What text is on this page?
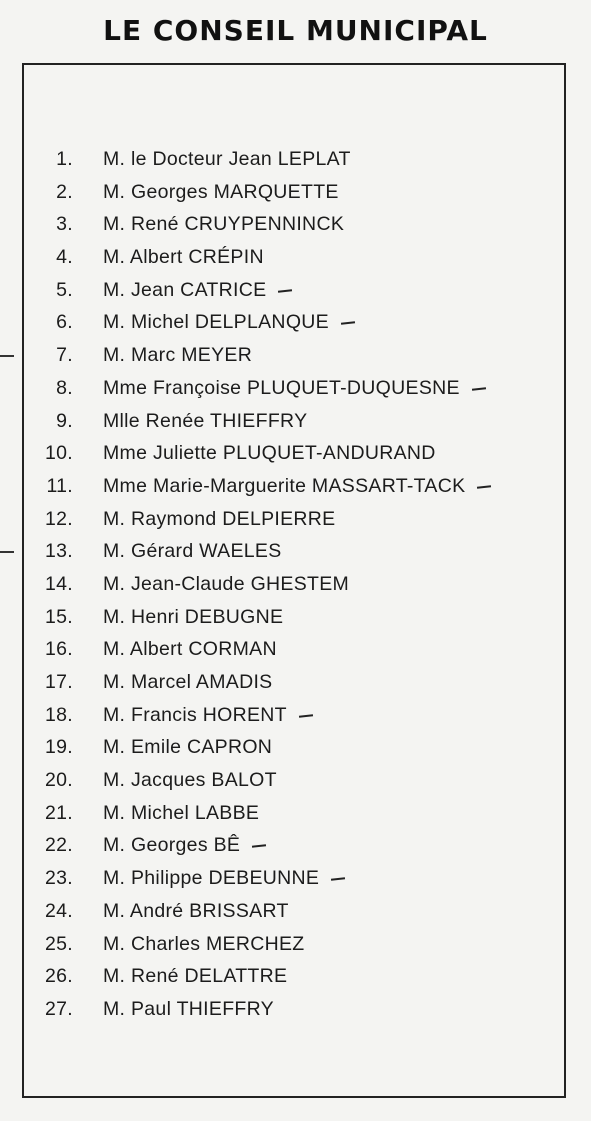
LE CONSEIL MUNICIPAL
1. M. le Docteur Jean LEPLAT
2. M. Georges MARQUETTE
3. M. René CRUYPENNINCK
4. M. Albert CRÉPIN
5. M. Jean CATRICE
6. M. Michel DELPLANQUE
7. M. Marc MEYER
8. Mme Françoise PLUQUET-DUQUESNE
9. Mlle Renée THIEFFRY
10. Mme Juliette PLUQUET-ANDURAND
11. Mme Marie-Marguerite MASSART-TACK
12. M. Raymond DELPIERRE
13. M. Gérard WAELES
14. M. Jean-Claude GHESTEM
15. M. Henri DEBUGNE
16. M. Albert CORMAN
17. M. Marcel AMADIS
18. M. Francis HORENT
19. M. Emile CAPRON
20. M. Jacques BALOT
21. M. Michel LABBE
22. M. Georges BÊ
23. M. Philippe DEBEUNNE
24. M. André BRISSART
25. M. Charles MERCHEZ
26. M. René DELATTRE
27. M. Paul THIEFFRY
